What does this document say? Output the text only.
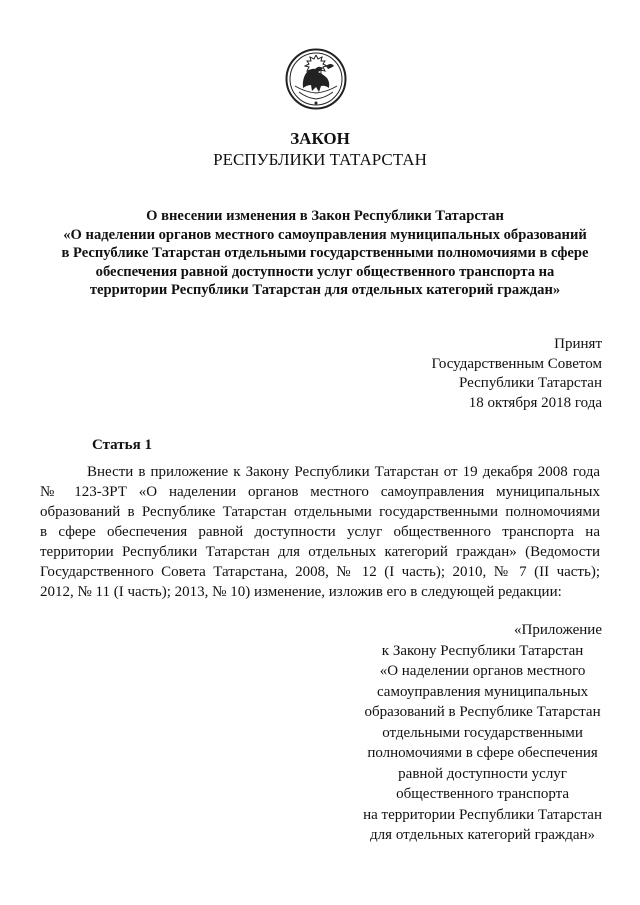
ЗАКОН
РЕСПУБЛИКИ ТАТАРСТАН
О внесении изменения в Закон Республики Татарстан
«О наделении органов местного самоуправления муниципальных образований
в Республике Татарстан отдельными государственными полномочиями в сфере
обеспечения равной доступности услуг общественного транспорта на
территории Республики Татарстан для отдельных категорий граждан»
Принят
Государственным Советом
Республики Татарстан
18 октября 2018 года
Статья 1
Внести в приложение к Закону Республики Татарстан от 19 декабря 2008 года
№ 123-ЗРТ «О наделении органов местного самоуправления муниципальных
образований в Республике Татарстан отдельными государственными полномочиями
в сфере обеспечения равной доступности услуг общественного транспорта на
территории Республики Татарстан для отдельных категорий граждан» (Ведомости
Государственного Совета Татарстана, 2008, № 12 (I часть); 2010, № 7 (II часть);
2012, № 11 (I часть); 2013, № 10) изменение, изложив его в следующей редакции:
«Приложение
к Закону Республики Татарстан
«О наделении органов местного
самоуправления муниципальных
образований в Республике Татарстан
отдельными государственными
полномочиями в сфере обеспечения
равной доступности услуг
общественного транспорта
на территории Республики Татарстан
для отдельных категорий граждан»
